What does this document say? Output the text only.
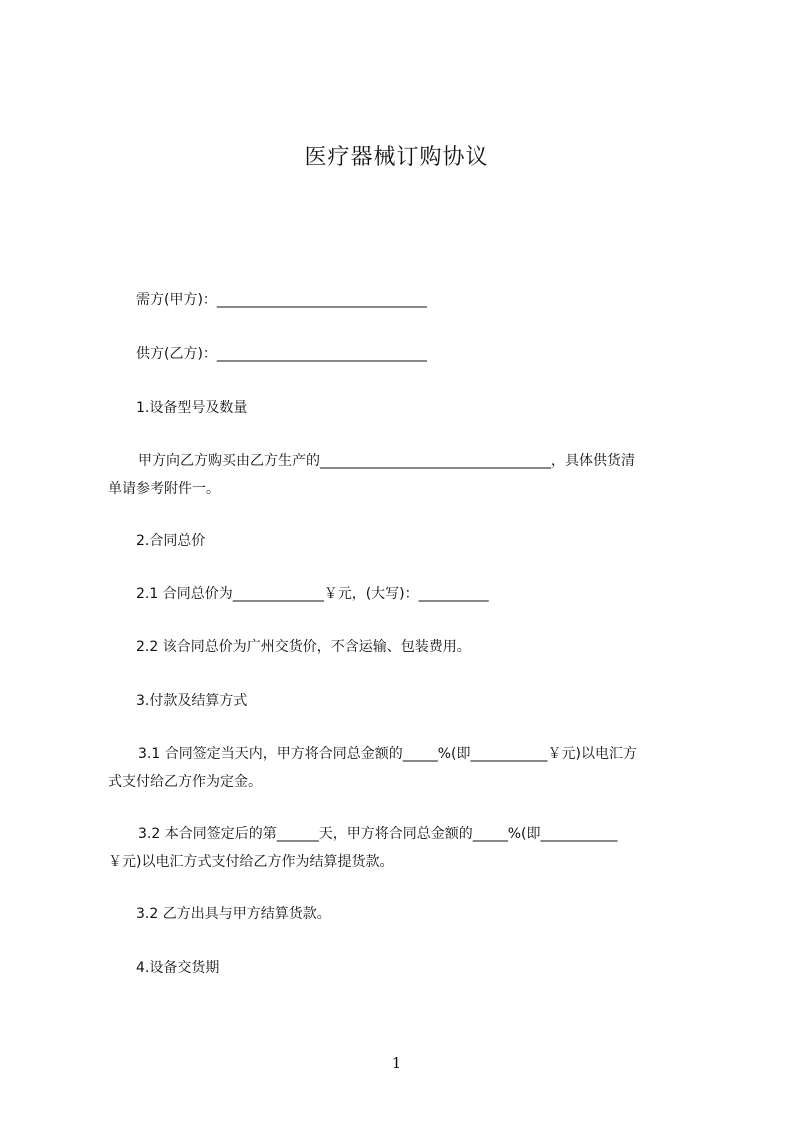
医疗器械订购协议
需方(甲方)：______________________________
供方(乙方)：______________________________
1.设备型号及数量
甲方向乙方购买由乙方生产的_________________________________，具体供货清
单请参考附件一。
2.合同总价
2.1 合同总价为_____________￥元，(大写)：__________
2.2 该合同总价为广州交货价，不含运输、包装费用。
3.付款及结算方式
3.1 合同签定当天内，甲方将合同总金额的_____%(即___________￥元)以电汇方
式支付给乙方作为定金。
3.2 本合同签定后的第______天，甲方将合同总金额的_____%(即___________
￥元)以电汇方式支付给乙方作为结算提货款。
3.2 乙方出具与甲方结算货款。
4.设备交货期
1
